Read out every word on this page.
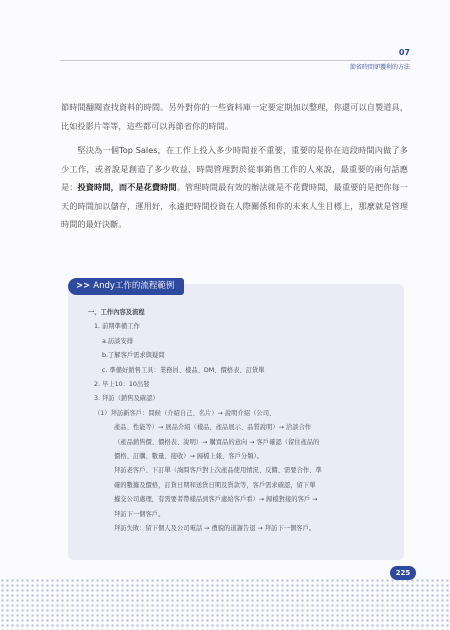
07
節省時間卻獲利的方法

節時間翻閱查找資料的時間。另外對你的一些資料庫一定要定期加以整理，你還可以自製道具，比如投影片等等，這些都可以再節省你的時間。

堅決為一個Top Sales，在工作上投入多少時間並不重要，重要的是你在這段時間內做了多少工作，或者說是創造了多少收益，時間管理對於從事銷售工作的人來說，最重要的兩句話應是：投資時間，而不是花費時間。管理時間最有效的辦法就是不花費時間，最重要的是把你每一天的時間加以儲存，運用好，永遠把時間投資在人際關係和你的未來人生目標上，那麼就是管理時間的最好決斷。

>> Andy工作的流程範例
一、工作內容及流程
1. 前期準備工作
a.訪談安排
b.了解客戶需求與疑問
c. 準備好銷售工具：業務員、樣品、DM、價格表、訂貨單
2. 早上10：10出發
3. 拜訪（銷售及確認）
（1）拜訪新客戶：問候（介紹自己、名片）→ 說明介紹（公司、
產品、性能等）→ 展品介紹（樣品、產品展示、品質說明）→ 洽談合作
（產品銷售價、價格表、說明）→ 購買品的意向 → 客戶確認（留住產品的
價格、訂購、數量、接收）→ 歸檔上報、客戶分類）。
拜訪老客戶、下訂單（詢問客戶對上次產品使用情況、反饋、需要合作、準
確的數據及價格，訂貨日期和送貨日期及貨款等，客戶需求確認，留下單
據交公司處理，有需要者帶樣品到客戶處給客戶看）→ 歸檔對接的客戶 →
拜訪下一個客戶。
拜訪失敗：留下個人及公司電話 → 禮貌的道謝告退 → 拜訪下一個客戶。
225
